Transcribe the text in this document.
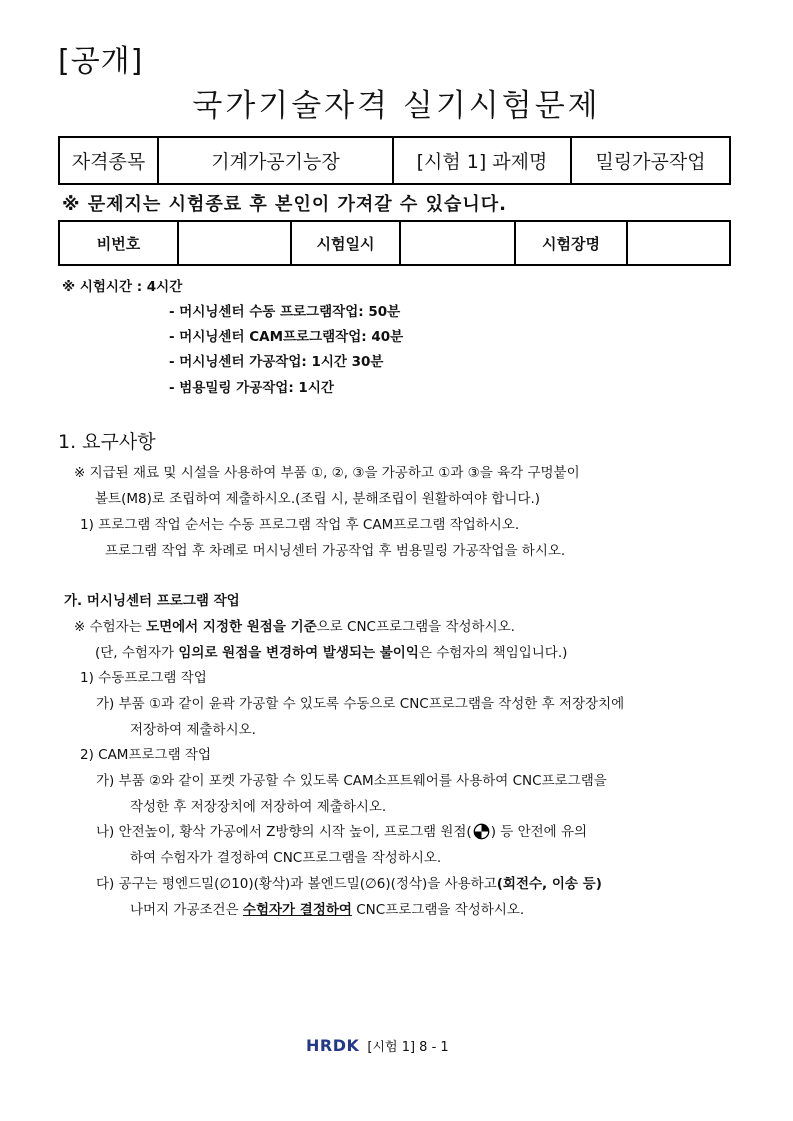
[공개]
국가기술자격 실기시험문제
자격종목	기계가공기능장	[시험 1] 과제명	밀링가공작업
※ 문제지는 시험종료 후 본인이 가져갈 수 있습니다.
비번호		시험일시		시험장명	
※ 시험시간 : 4시간
- 머시닝센터 수동 프로그램작업: 50분
- 머시닝센터 CAM프로그램작업: 40분
- 머시닝센터 가공작업: 1시간 30분
- 범용밀링 가공작업: 1시간
1. 요구사항
※ 지급된 재료 및 시설을 사용하여 부품 ①, ②, ③을 가공하고 ①과 ③을 육각 구멍붙이
볼트(M8)로 조립하여 제출하시오.(조립 시, 분해조립이 원활하여야 합니다.)
1) 프로그램 작업 순서는 수동 프로그램 작업 후 CAM프로그램 작업하시오.
프로그램 작업 후 차례로 머시닝센터 가공작업 후 범용밀링 가공작업을 하시오.
가. 머시닝센터 프로그램 작업
※ 수험자는 도면에서 지정한 원점을 기준으로 CNC프로그램을 작성하시오.
(단, 수험자가 임의로 원점을 변경하여 발생되는 불이익은 수험자의 책임입니다.)
1) 수동프로그램 작업
가) 부품 ①과 같이 윤곽 가공할 수 있도록 수동으로 CNC프로그램을 작성한 후 저장장치에
저장하여 제출하시오.
2) CAM프로그램 작업
가) 부품 ②와 같이 포켓 가공할 수 있도록 CAM소프트웨어를 사용하여 CNC프로그램을
작성한 후 저장장치에 저장하여 제출하시오.
나) 안전높이, 황삭 가공에서 Z방향의 시작 높이, 프로그램 원점( ) 등 안전에 유의
하여 수험자가 결정하여 CNC프로그램을 작성하시오.
다) 공구는 평엔드밀(∅10)(황삭)과 볼엔드밀(∅6)(정삭)을 사용하고(회전수, 이송 등)
나머지 가공조건은 수험자가 결정하여 CNC프로그램을 작성하시오.
HRDK [시험 1] 8 - 1
